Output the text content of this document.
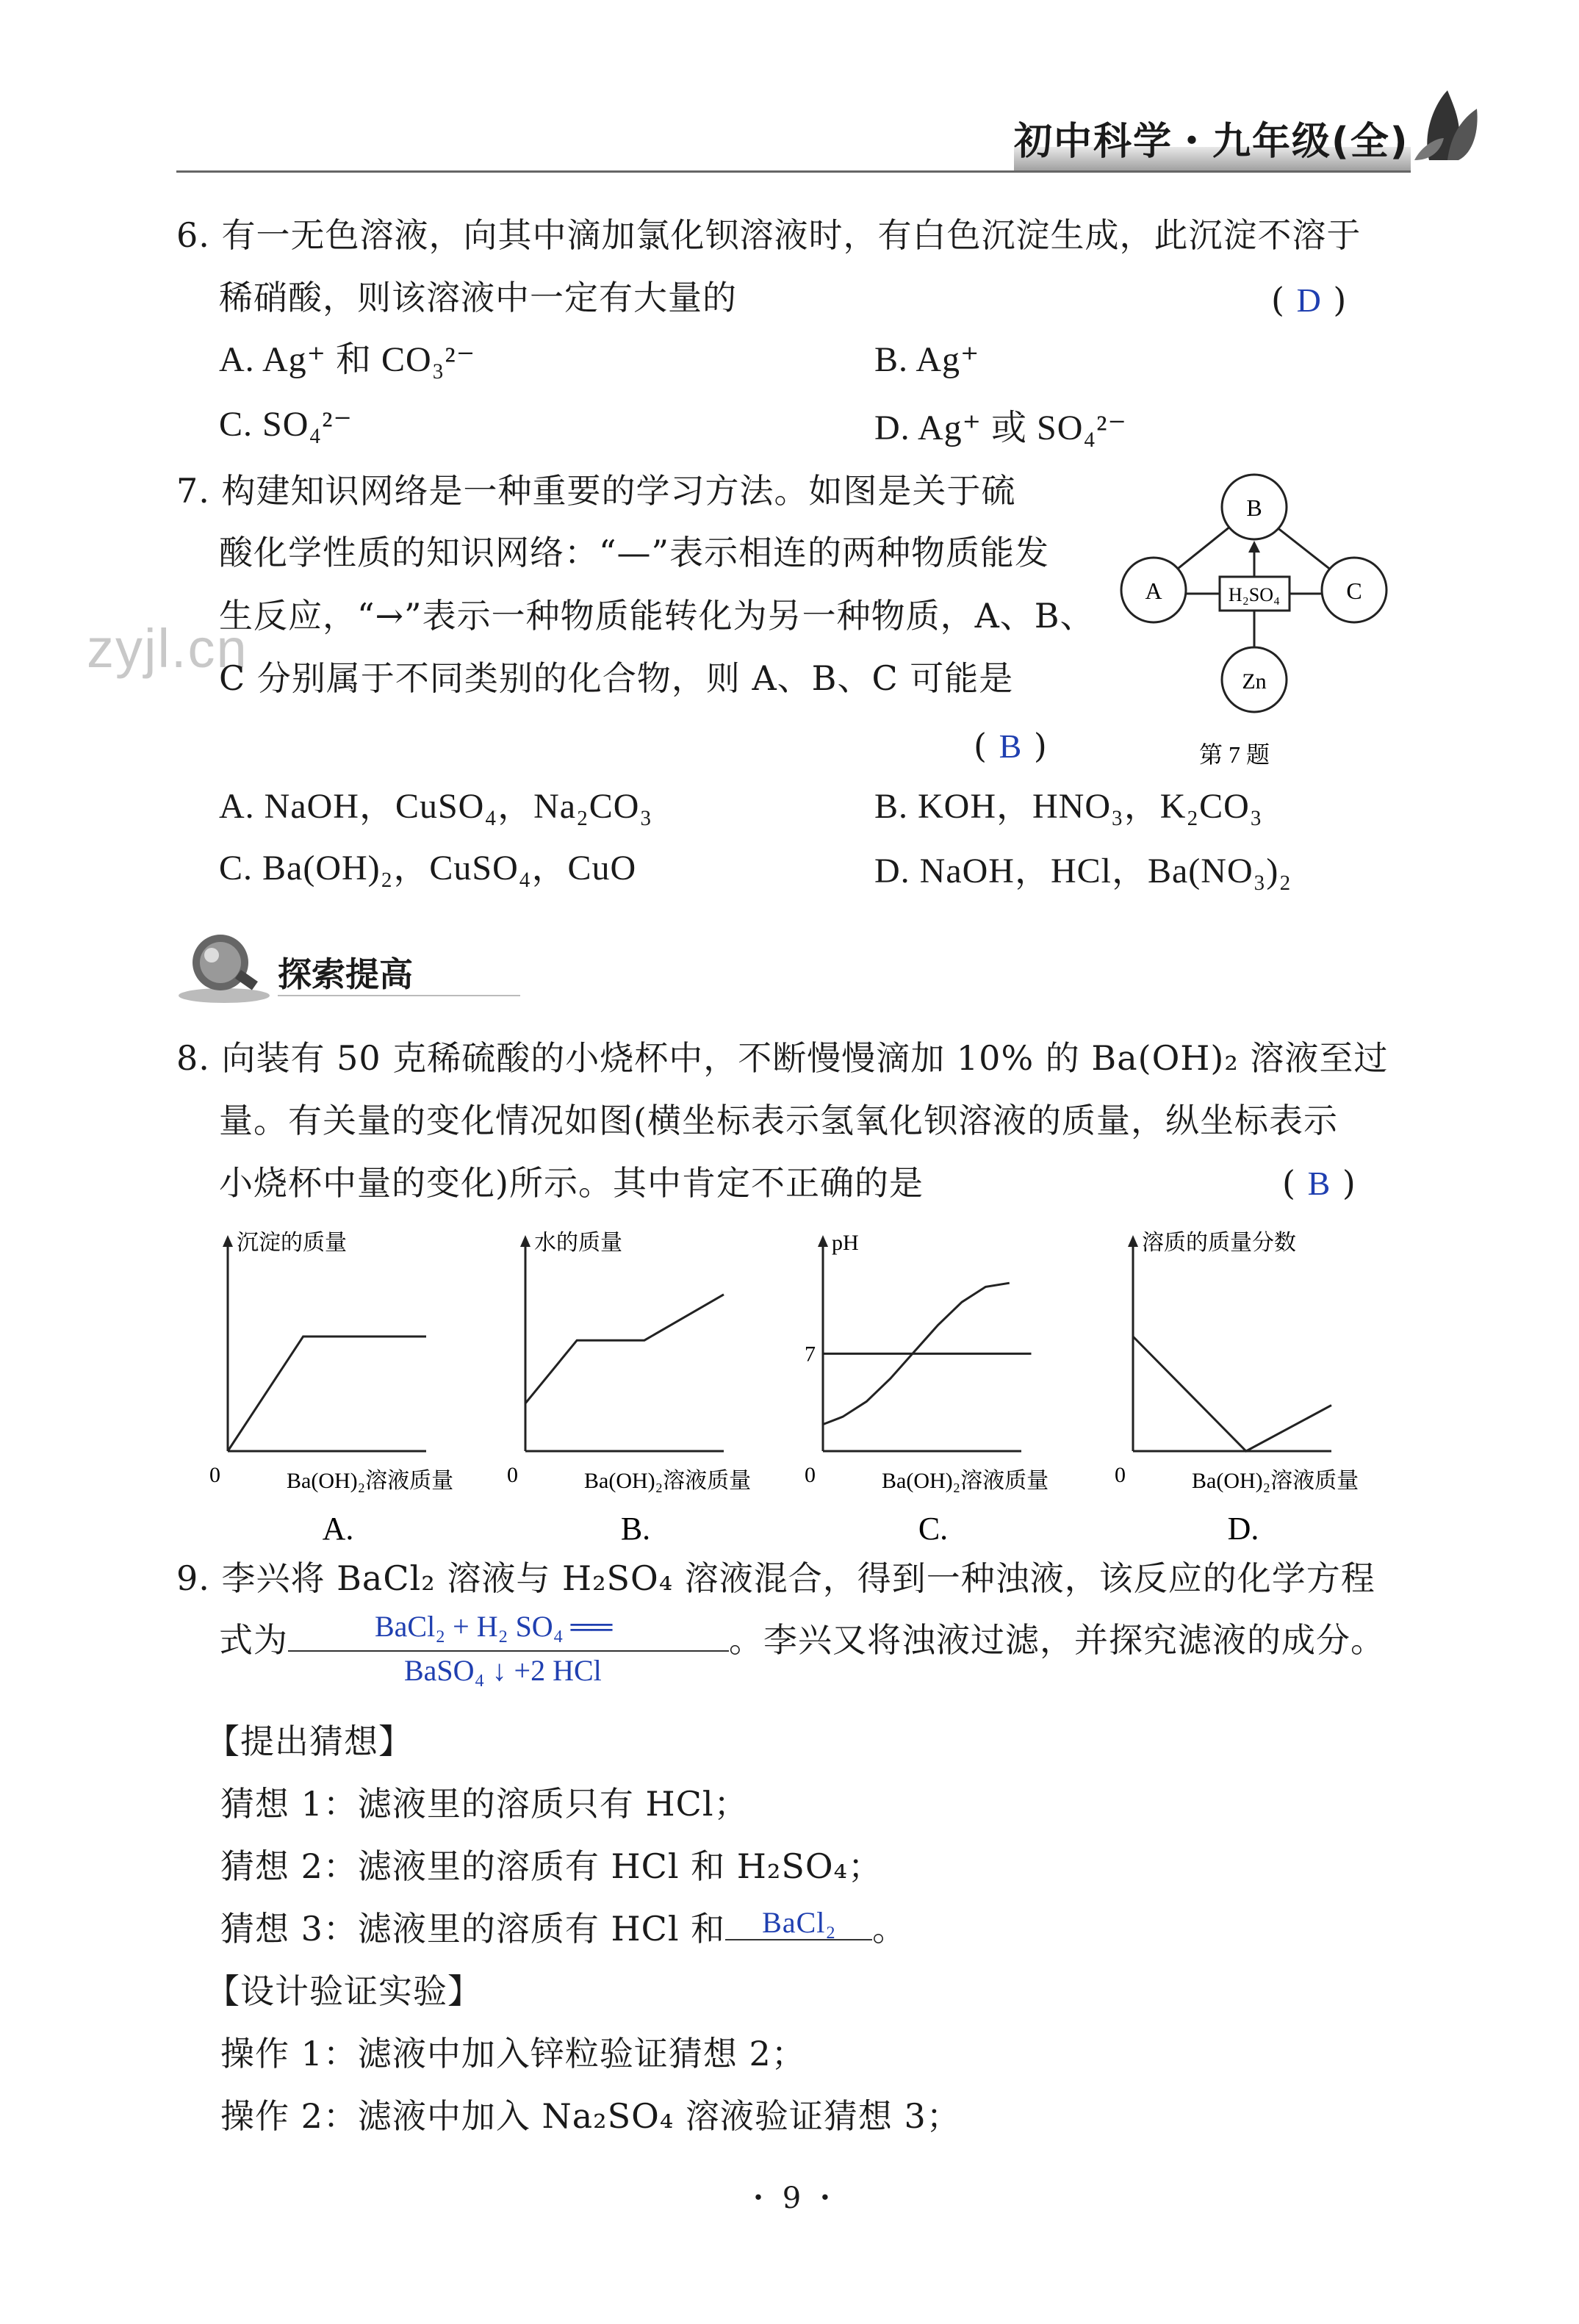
初中科学・九年级(全)
zyjl.cn
6. 有一无色溶液，向其中滴加氯化钡溶液时，有白色沉淀生成，此沉淀不溶于
稀硝酸，则该溶液中一定有大量的	( D )
A. Ag⁺ 和 CO₃²⁻	B. Ag⁺
C. SO₄²⁻	D. Ag⁺ 或 SO₄²⁻
7. 构建知识网络是一种重要的学习方法。如图是关于硫
酸化学性质的知识网络：“—”表示相连的两种物质能发
生反应，“→”表示一种物质能转化为另一种物质，A、B、
C 分别属于不同类别的化合物，则 A、B、C 可能是
( B )
B
A	C
Zn
H₂SO₄
第 7 题
A. NaOH，CuSO₄，Na₂CO₃	B. KOH，HNO₃，K₂CO₃
C. Ba(OH)₂，CuSO₄，CuO	D. NaOH，HCl，Ba(NO₃)₂
探索提高
8. 向装有 50 克稀硫酸的小烧杯中，不断慢慢滴加 10% 的 Ba(OH)₂ 溶液至过
量。有关量的变化情况如图(横坐标表示氢氧化钡溶液的质量，纵坐标表示
小烧杯中量的变化)所示。其中肯定不正确的是	( B )
沉淀的质量
Ba(OH)₂溶液质量
0
A.
水的质量
Ba(OH)₂溶液质量
0
B.
pH
Ba(OH)₂溶液质量
0
C.
7
溶质的质量分数
Ba(OH)₂溶液质量
0
D.
9. 李兴将 BaCl₂ 溶液与 H₂SO₄ 溶液混合，得到一种浊液，该反应的化学方程
式为	。李兴又将浊液过滤，并探究滤液的成分。
BaCl₂ + H₂ SO₄ ══
BaSO₄ ↓ +2 HCl
【提出猜想】
猜想 1：滤液里的溶质只有 HCl；
猜想 2：滤液里的溶质有 HCl 和 H₂SO₄；
猜想 3：滤液里的溶质有 HCl 和 BaCl₂ 。
【设计验证实验】
操作 1：滤液中加入锌粒验证猜想 2；
操作 2：滤液中加入 Na₂SO₄ 溶液验证猜想 3；
・ 9 ・
